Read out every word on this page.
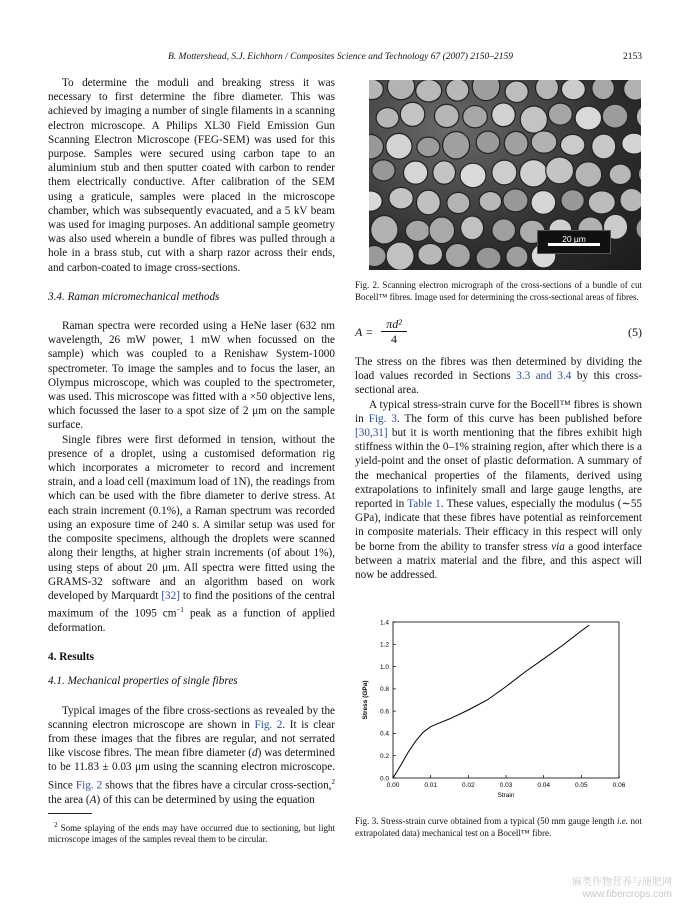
B. Mottershead, S.J. Eichhorn / Composites Science and Technology 67 (2007) 2150–2159	2153

To determine the moduli and breaking stress it was necessary to first determine the fibre diameter. This was achieved by imaging a number of single filaments in a scanning electron microscope. A Philips XL30 Field Emission Gun Scanning Electron Microscope (FEG-SEM) was used for this purpose. Samples were secured using carbon tape to an aluminium stub and then sputter coated with carbon to render them electrically conductive. After calibration of the SEM using a graticule, samples were placed in the microscope chamber, which was subsequently evacuated, and a 5 kV beam was used for imaging purposes. An additional sample geometry was also used wherein a bundle of fibres was pulled through a hole in a brass stub, cut with a sharp razor across their ends, and carbon-coated to image cross-sections.

3.4. Raman micromechanical methods

Raman spectra were recorded using a HeNe laser (632 nm wavelength, 26 mW power, 1 mW when focussed on the sample) which was coupled to a Renishaw System-1000 spectrometer. To image the samples and to focus the laser, an Olympus microscope, which was coupled to the spectrometer, was used. This microscope was fitted with a ×50 objective lens, which focussed the laser to a spot size of 2 μm on the sample surface.

Single fibres were first deformed in tension, without the presence of a droplet, using a customised deformation rig which incorporates a micrometer to record and increment strain, and a load cell (maximum load of 1N), the readings from which can be used with the fibre diameter to derive stress. At each strain increment (0.1%), a Raman spectrum was recorded using an exposure time of 240 s. A similar setup was used for the composite specimens, although the droplets were scanned along their lengths, at higher strain increments (of about 1%), using steps of about 20 μm. All spectra were fitted using the GRAMS-32 software and an algorithm based on work developed by Marquardt [32] to find the positions of the central maximum of the 1095 $cm^{-1}$ peak as a function of applied deformation.

4. Results

4.1. Mechanical properties of single fibres

Typical images of the fibre cross-sections as revealed by the scanning electron microscope are shown in Fig. 2. It is clear from these images that the fibres are regular, and not serrated like viscose fibres. The mean fibre diameter (d) was determined to be 11.83 ± 0.03 μm using the scanning electron microscope. Since Fig. 2 shows that the fibres have a circular cross-section,$^2$ the area (A) of this can be determined by using the equation

$^2$ Some splaying of the ends may have occurred due to sectioning, but light microscope images of the samples reveal them to be circular.

20 μm
Fig. 2. Scanning electron micrograph of the cross-sections of a bundle of cut Bocell™ fibres. Image used for determining the cross-sectional areas of fibres.
$A = \frac{\text{πd²}}{4}$	(5)

The stress on the fibres was then determined by dividing the load values recorded in Sections 3.3 and 3.4 by this cross-sectional area.

A typical stress-strain curve for the Bocell™ fibres is shown in Fig. 3. The form of this curve has been published before [30,31] but it is worth mentioning that the fibres exhibit high stiffness within the 0–1% straining region, after which there is a yield-point and the onset of plastic deformation. A summary of the mechanical properties of the filaments, derived using extrapolations to infinitely small and large gauge lengths, are reported in Table 1. These values, especially the modulus (∼55 GPa), indicate that these fibres have potential as reinforcement in composite materials. Their efficacy in this respect will only be borne from the ability to transfer stress via a good interface between a matrix material and the fibre, and this aspect will now be addressed.

0.00	0.01	0.02	0.03	0.04	0.05	0.06
0.0
0.2
0.4
0.6
0.8
1.0
1.2
1.4
Strain
Stress (GPa)
Fig. 3. Stress-strain curve obtained from a typical (50 mm gauge length i.e. not extrapolated data) mechanical test on a Bocell™ fibre.
麻类作物营养与施肥网
www.fibercrops.com
